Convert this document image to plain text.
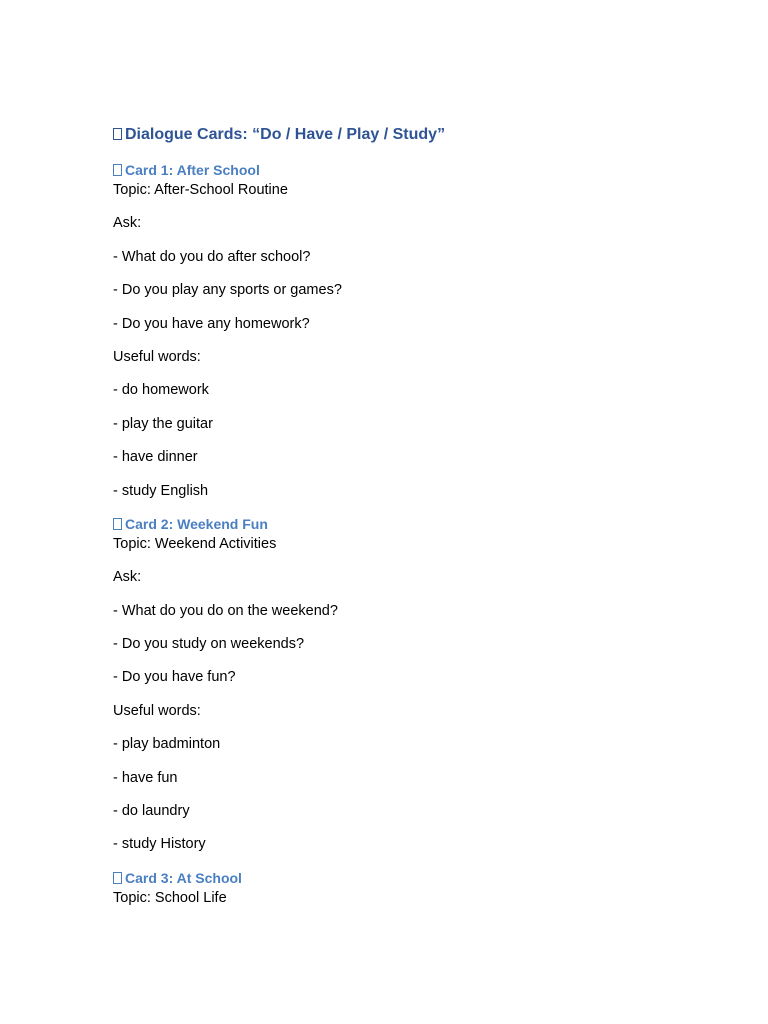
Dialogue Cards: “Do / Have / Play / Study”
Card 1: After School
Topic: After-School Routine
Ask:
- What do you do after school?
- Do you play any sports or games?
- Do you have any homework?
Useful words:
- do homework
- play the guitar
- have dinner
- study English
Card 2: Weekend Fun
Topic: Weekend Activities
Ask:
- What do you do on the weekend?
- Do you study on weekends?
- Do you have fun?
Useful words:
- play badminton
- have fun
- do laundry
- study History
Card 3: At School
Topic: School Life
